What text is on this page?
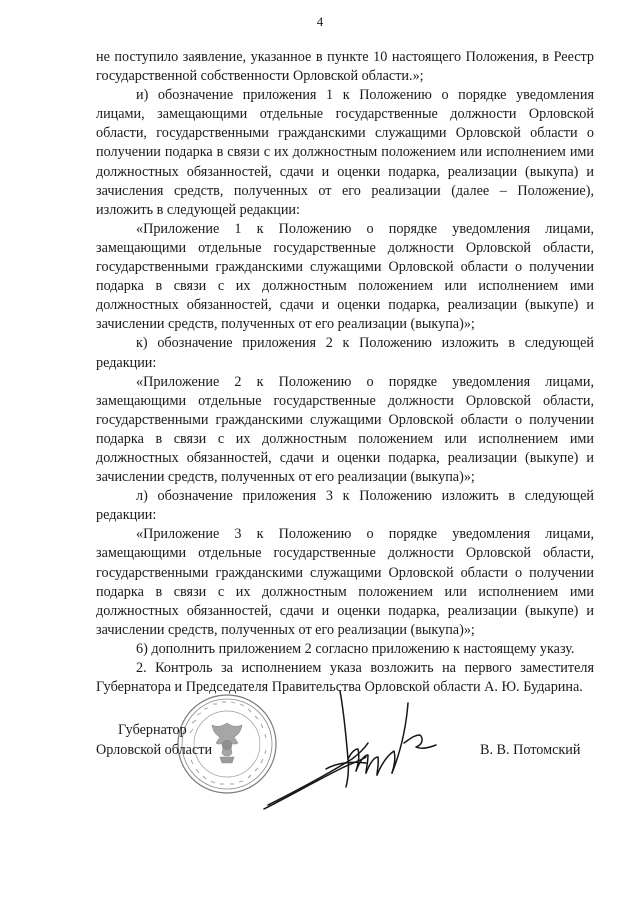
4

не поступило заявление, указанное в пункте 10 настоящего Положения, в Реестр государственной собственности Орловской области.»;

и) обозначение приложения 1 к Положению о порядке уведомления лицами, замещающими отдельные государственные должности Орловской области, государственными гражданскими служащими Орловской области о получении подарка в связи с их должностным положением или исполнением ими должностных обязанностей, сдачи и оценки подарка, реализации (выкупа) и зачисления средств, полученных от его реализации (далее – Положение), изложить в следующей редакции:

«Приложение 1 к Положению о порядке уведомления лицами, замещающими отдельные государственные должности Орловской области, государственными гражданскими служащими Орловской области о получении подарка в связи с их должностным положением или исполнением ими должностных обязанностей, сдачи и оценки подарка, реализации (выкупе) и зачислении средств, полученных от его реализации (выкупа)»;

к) обозначение приложения 2 к Положению изложить в следующей редакции:

«Приложение 2 к Положению о порядке уведомления лицами, замещающими отдельные государственные должности Орловской области, государственными гражданскими служащими Орловской области о получении подарка в связи с их должностным положением или исполнением ими должностных обязанностей, сдачи и оценки подарка, реализации (выкупе) и зачислении средств, полученных от его реализации (выкупа)»;

л) обозначение приложения 3 к Положению изложить в следующей редакции:

«Приложение 3 к Положению о порядке уведомления лицами, замещающими отдельные государственные должности Орловской области, государственными гражданскими служащими Орловской области о получении подарка в связи с их должностным положением или исполнением ими должностных обязанностей, сдачи и оценки подарка, реализации (выкупе) и зачислении средств, полученных от его реализации (выкупа)»;

6) дополнить приложением 2 согласно приложению к настоящему указу.

2. Контроль за исполнением указа возложить на первого заместителя Губернатора и Председателя Правительства Орловской области А. Ю. Бударина.

Губернатор
Орловской области	В. В. Потомский
